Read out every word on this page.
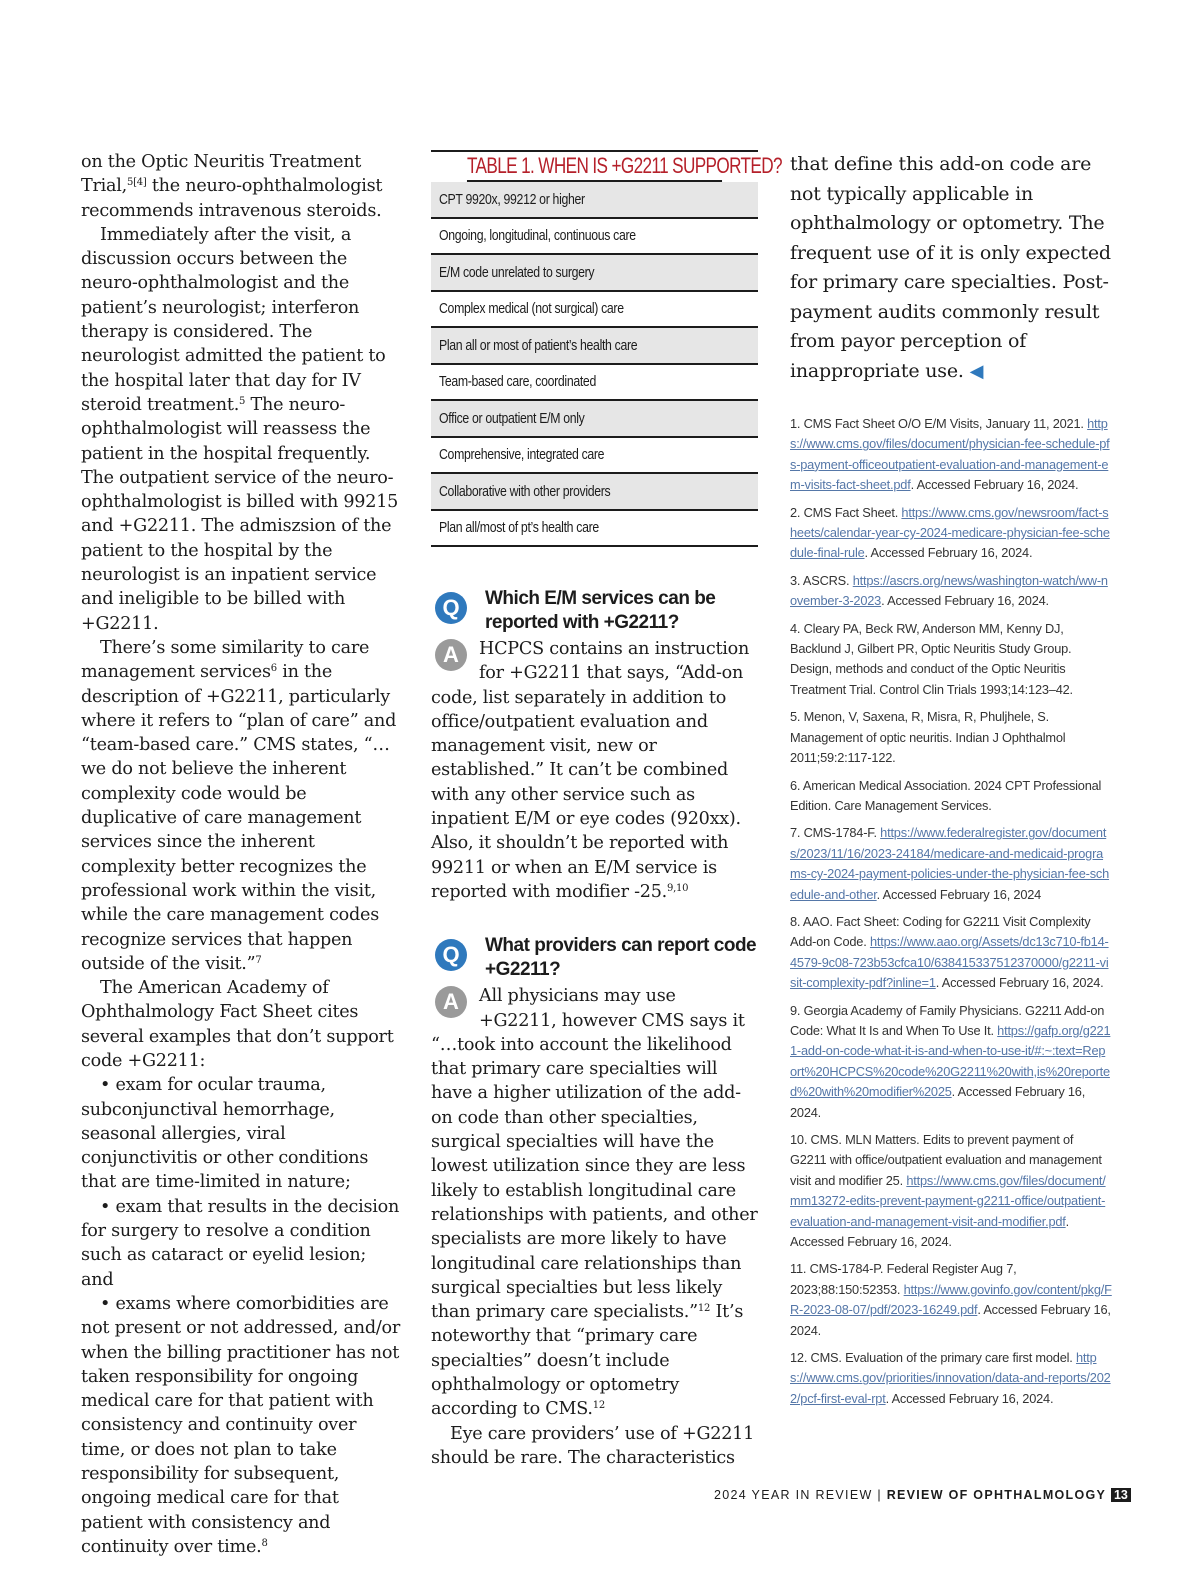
on the Optic Neuritis Treatment Trial,$^{5[4]}$ the neuro-ophthalmologist recommends intravenous steroids.

Immediately after the visit, a discussion occurs between the neuro-ophthalmologist and the patient’s neurologist; interferon therapy is considered. The neurologist admitted the patient to the hospital later that day for IV steroid treatment.$^5$ The neuro-ophthalmologist will reassess the patient in the hospital frequently. The outpatient service of the neuro-ophthalmologist is billed with 99215 and +G2211. The admiszsion of the patient to the hospital by the neurologist is an inpatient service and ineligible to be billed with +G2211.

There’s some similarity to care management services$^6$ in the description of +G2211, particularly where it refers to “plan of care” and “team-based care.” CMS states, “…we do not believe the inherent complexity code would be duplicative of care management services since the inherent complexity better recognizes the professional work within the visit, while the care management codes recognize services that happen outside of the visit.”$^7$

The American Academy of Ophthalmology Fact Sheet cites several examples that don’t support code +G2211:

• exam for ocular trauma, subconjunctival hemorrhage, seasonal allergies, viral conjunctivitis or other conditions that are time-limited in nature;

• exam that results in the decision for surgery to resolve a condition such as cataract or eyelid lesion; and

• exams where comorbidities are not present or not addressed, and/or when the billing practitioner has not taken responsibility for ongoing medical care for that patient with consistency and continuity over time, or does not plan to take responsibility for subsequent, ongoing medical care for that patient with consistency and continuity over time.$^8$

TABLE 1. WHEN IS +G2211 SUPPORTED?
CPT 9920x, 99212 or higher
Ongoing, longitudinal, continuous care
E/M code unrelated to surgery
Complex medical (not surgical) care
Plan all or most of patient’s health care
Team-based care, coordinated
Office or outpatient E/M only
Comprehensive, integrated care
Collaborative with other providers
Plan all/most of pt’s health care
Q	Which E/M services can be reported with +G2211?
A	HCPCS contains an instruction for +G2211 that says, “Add-on code, list separately in addition to office/outpatient evaluation and management visit, new or established.” It can’t be combined with any other service such as inpatient E/M or eye codes (920xx). Also, it shouldn’t be reported with 99211 or when an E/M service is reported with modifier -25.$^{9,10}$

Q	What providers can report code +G2211?
A	All physicians may use +G2211, however CMS says it “…took into account the likelihood that primary care specialties will have a higher utilization of the add-on code than other specialties, surgical specialties will have the lowest utilization since they are less likely to establish longitudinal care relationships with patients, and other specialists are more likely to have longitudinal care relationships than surgical specialties but less likely than primary care specialists.”$^{12}$ It’s noteworthy that “primary care specialties” doesn’t include ophthalmology or optometry according to CMS.$^{12}$

Eye care providers’ use of +G2211 should be rare. The characteristics

that define this add-on code are not typically applicable in ophthalmology or optometry. The frequent use of it is only expected for primary care specialties. Post-payment audits commonly result from payor perception of inappropriate use. ◀

1. CMS Fact Sheet O/O E/M Visits, January 11, 2021. https://www.cms.gov/files/document/physician-fee-schedule-pfs-payment-officeoutpatient-evaluation-and-management-em-visits-fact-sheet.pdf. Accessed February 16, 2024.

2. CMS Fact Sheet. https://www.cms.gov/newsroom/fact-sheets/calendar-year-cy-2024-medicare-physician-fee-schedule-final-rule. Accessed February 16, 2024.

3. ASCRS. https://ascrs.org/news/washington-watch/ww-november-3-2023. Accessed February 16, 2024.

4. Cleary PA, Beck RW, Anderson MM, Kenny DJ, Backlund J, Gilbert PR, Optic Neuritis Study Group. Design, methods and conduct of the Optic Neuritis Treatment Trial. Control Clin Trials 1993;14:123–42.

5. Menon, V, Saxena, R, Misra, R, Phuljhele, S. Management of optic neuritis. Indian J Ophthalmol 2011;59:2:117-122.

6. American Medical Association. 2024 CPT Professional Edition. Care Management Services.

7. CMS-1784-F. https://www.federalregister.gov/documents/2023/11/16/2023-24184/medicare-and-medicaid-programs-cy-2024-payment-policies-under-the-physician-fee-schedule-and-other. Accessed February 16, 2024

8. AAO. Fact Sheet: Coding for G2211 Visit Complexity Add-on Code. https://www.aao.org/Assets/dc13c710-fb14-4579-9c08-723b53cfca10/638415337512370000/g2211-visit-complexity-pdf?inline=1. Accessed February 16, 2024.

9. Georgia Academy of Family Physicians. G2211 Add-on Code: What It Is and When To Use It. https://gafp.org/g2211-add-on-code-what-it-is-and-when-to-use-it/#:~:text=Report%20HCPCS%20code%20G2211%20with,is%20reported%20with%20modifier%2025. Accessed February 16, 2024.

10. CMS. MLN Matters. Edits to prevent payment of G2211 with office/outpatient evaluation and management visit and modifier 25. https://www.cms.gov/files/document/mm13272-edits-prevent-payment-g2211-office/outpatient-evaluation-and-management-visit-and-modifier.pdf. Accessed February 16, 2024.

11. CMS-1784-P. Federal Register Aug 7, 2023;88:150:52353. https://www.govinfo.gov/content/pkg/FR-2023-08-07/pdf/2023-16249.pdf. Accessed February 16, 2024.

12. CMS. Evaluation of the primary care first model. https://www.cms.gov/priorities/innovation/data-and-reports/2022/pcf-first-eval-rpt. Accessed February 16, 2024.

2024 YEAR IN REVIEW | REVIEW OF OPHTHALMOLOGY 13
